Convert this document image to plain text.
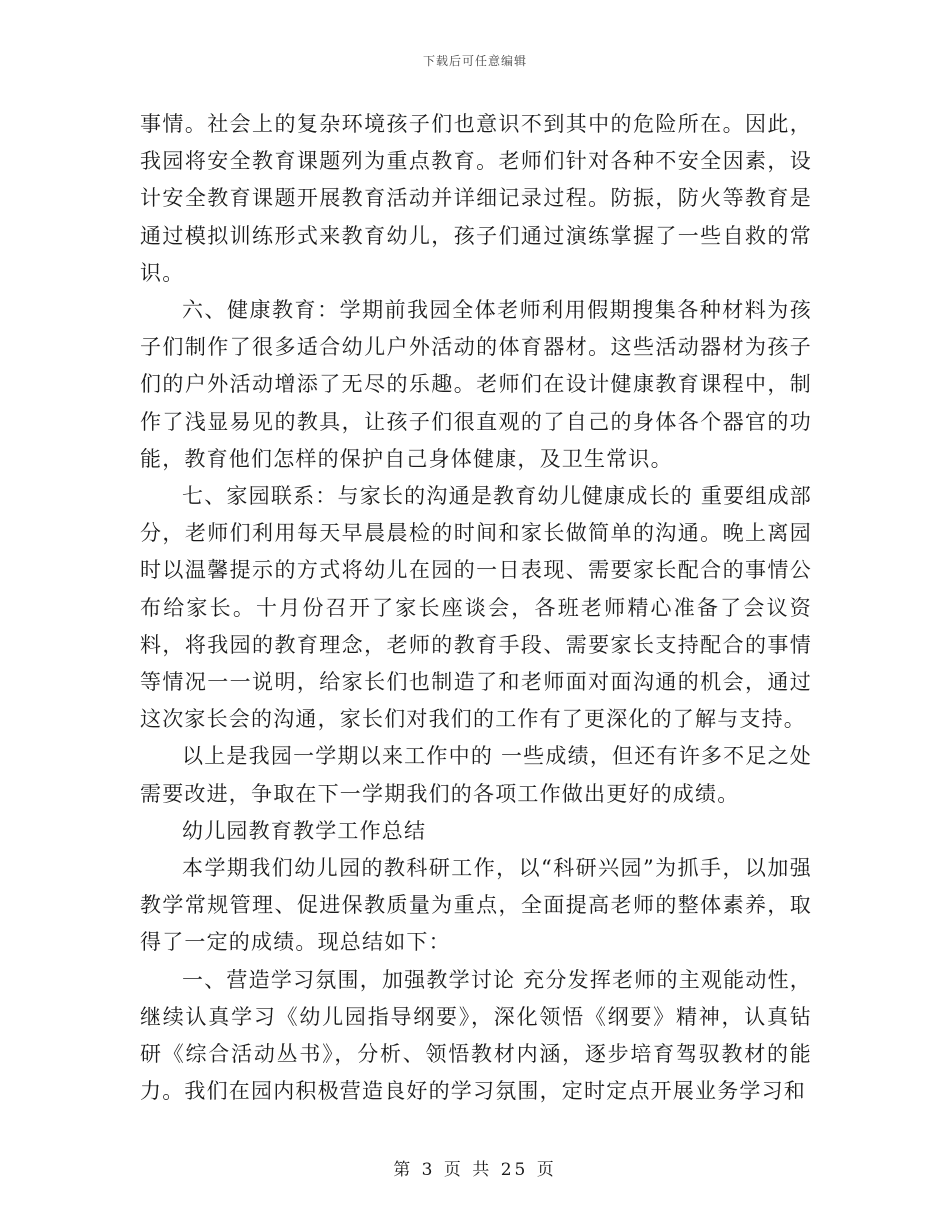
下载后可任意编辑

事情。社会上的复杂环境孩子们也意识不到其中的危险所在。因此，我园将安全教育课题列为重点教育。老师们针对各种不安全因素，设计安全教育课题开展教育活动并详细记录过程。防振，防火等教育是通过模拟训练形式来教育幼儿，孩子们通过演练掌握了一些自救的常识。

六、健康教育：学期前我园全体老师利用假期搜集各种材料为孩子们制作了很多适合幼儿户外活动的体育器材。这些活动器材为孩子们的户外活动增添了无尽的乐趣。老师们在设计健康教育课程中，制作了浅显易见的教具，让孩子们很直观的了自己的身体各个器官的功能，教育他们怎样的保护自己身体健康，及卫生常识。

七、家园联系：与家长的沟通是教育幼儿健康成长的 重要组成部分，老师们利用每天早晨晨检的时间和家长做简单的沟通。晚上离园时以温馨提示的方式将幼儿在园的一日表现、需要家长配合的事情公布给家长。十月份召开了家长座谈会，各班老师精心准备了会议资料，将我园的教育理念，老师的教育手段、需要家长支持配合的事情等情况一一说明，给家长们也制造了和老师面对面沟通的机会，通过这次家长会的沟通，家长们对我们的工作有了更深化的了解与支持。

以上是我园一学期以来工作中的 一些成绩，但还有许多不足之处需要改进，争取在下一学期我们的各项工作做出更好的成绩。

幼儿园教育教学工作总结

本学期我们幼儿园的教科研工作，以“科研兴园”为抓手，以加强教学常规管理、促进保教质量为重点，全面提高老师的整体素养，取得了一定的成绩。现总结如下：

一、营造学习氛围，加强教学讨论 充分发挥老师的主观能动性，继续认真学习《幼儿园指导纲要》，深化领悟《纲要》精神，认真钻研《综合活动丛书》，分析、领悟教材内涵，逐步培育驾驭教材的能力。我们在园内积极营造良好的学习氛围，定时定点开展业务学习和

第 3 页 共 25 页
